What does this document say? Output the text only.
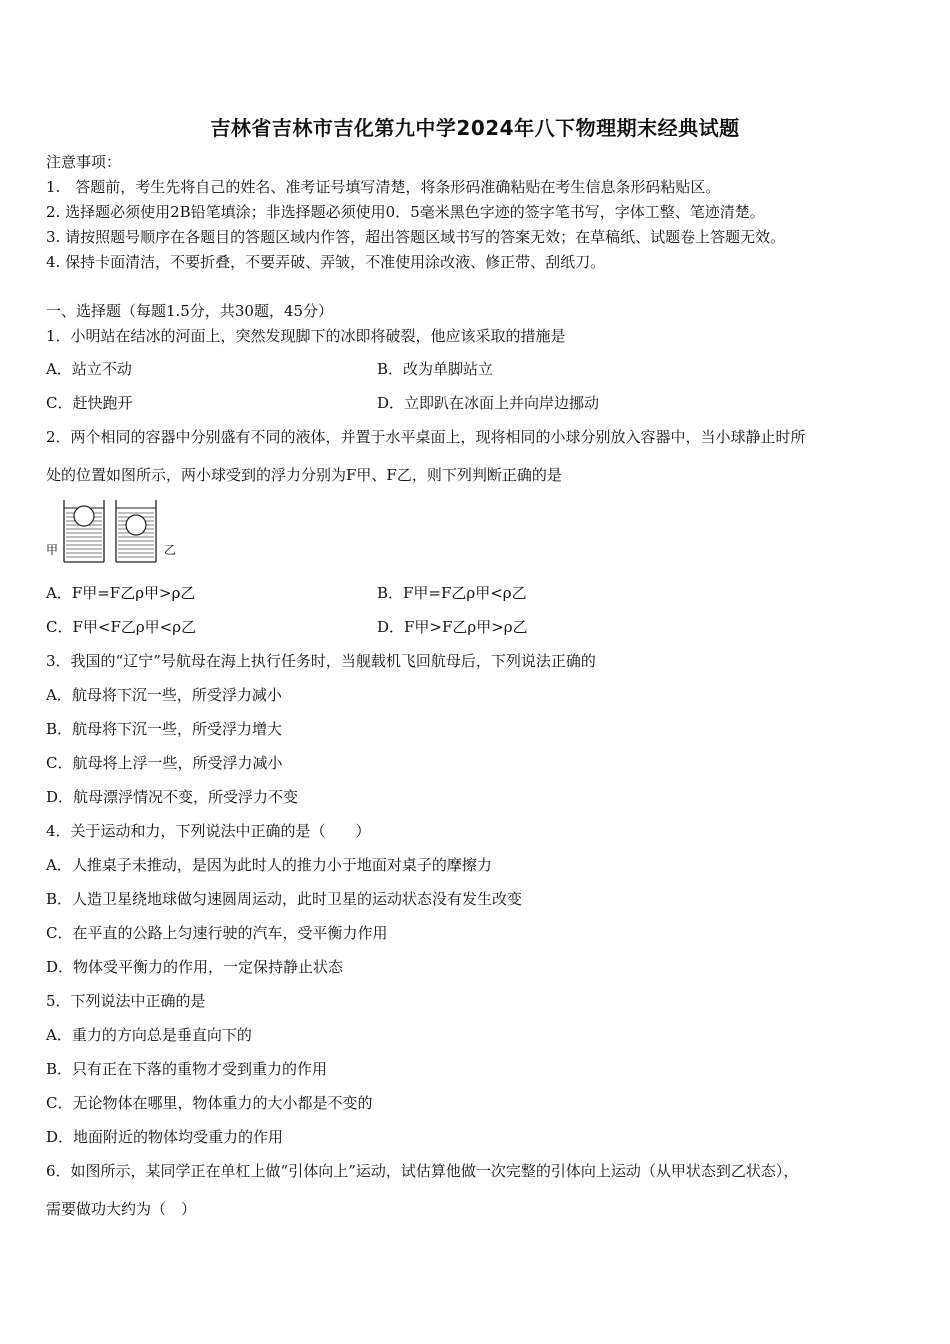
吉林省吉林市吉化第九中学2024年八下物理期末经典试题
注意事项：
1.　答题前，考生先将自己的姓名、准考证号填写清楚，将条形码准确粘贴在考生信息条形码粘贴区。
2. 选择题必须使用2B铅笔填涂；非选择题必须使用0．5毫米黑色字迹的签字笔书写，字体工整、笔迹清楚。
3. 请按照题号顺序在各题目的答题区域内作答，超出答题区域书写的答案无效；在草稿纸、试题卷上答题无效。
4. 保持卡面清洁，不要折叠，不要弄破、弄皱，不准使用涂改液、修正带、刮纸刀。
一、选择题（每题1.5分，共30题，45分）
1．小明站在结冰的河面上，突然发现脚下的冰即将破裂，他应该采取的措施是
A．站立不动	B．改为单脚站立
C．赶快跑开	D．立即趴在冰面上并向岸边挪动
2．两个相同的容器中分别盛有不同的液体，并置于水平桌面上，现将相同的小球分别放入容器中，当小球静止时所
处的位置如图所示，两小球受到的浮力分别为F甲、F乙，则下列判断正确的是
甲	乙
A．F甲=F乙ρ甲>ρ乙	B．F甲=F乙ρ甲<ρ乙
C．F甲<F乙ρ甲<ρ乙	D．F甲>F乙ρ甲>ρ乙
3．我国的“辽宁”号航母在海上执行任务时，当舰载机飞回航母后，下列说法正确的
A．航母将下沉一些，所受浮力减小
B．航母将下沉一些，所受浮力增大
C．航母将上浮一些，所受浮力减小
D．航母漂浮情况不变，所受浮力不变
4．关于运动和力，下列说法中正确的是（　　）
A．人推桌子未推动，是因为此时人的推力小于地面对桌子的摩擦力
B．人造卫星绕地球做匀速圆周运动，此时卫星的运动状态没有发生改变
C．在平直的公路上匀速行驶的汽车，受平衡力作用
D．物体受平衡力的作用，一定保持静止状态
5．下列说法中正确的是
A．重力的方向总是垂直向下的
B．只有正在下落的重物才受到重力的作用
C．无论物体在哪里，物体重力的大小都是不变的
D．地面附近的物体均受重力的作用
6．如图所示，某同学正在单杠上做“引体向上”运动，试估算他做一次完整的引体向上运动（从甲状态到乙状态），
需要做功大约为（　）
